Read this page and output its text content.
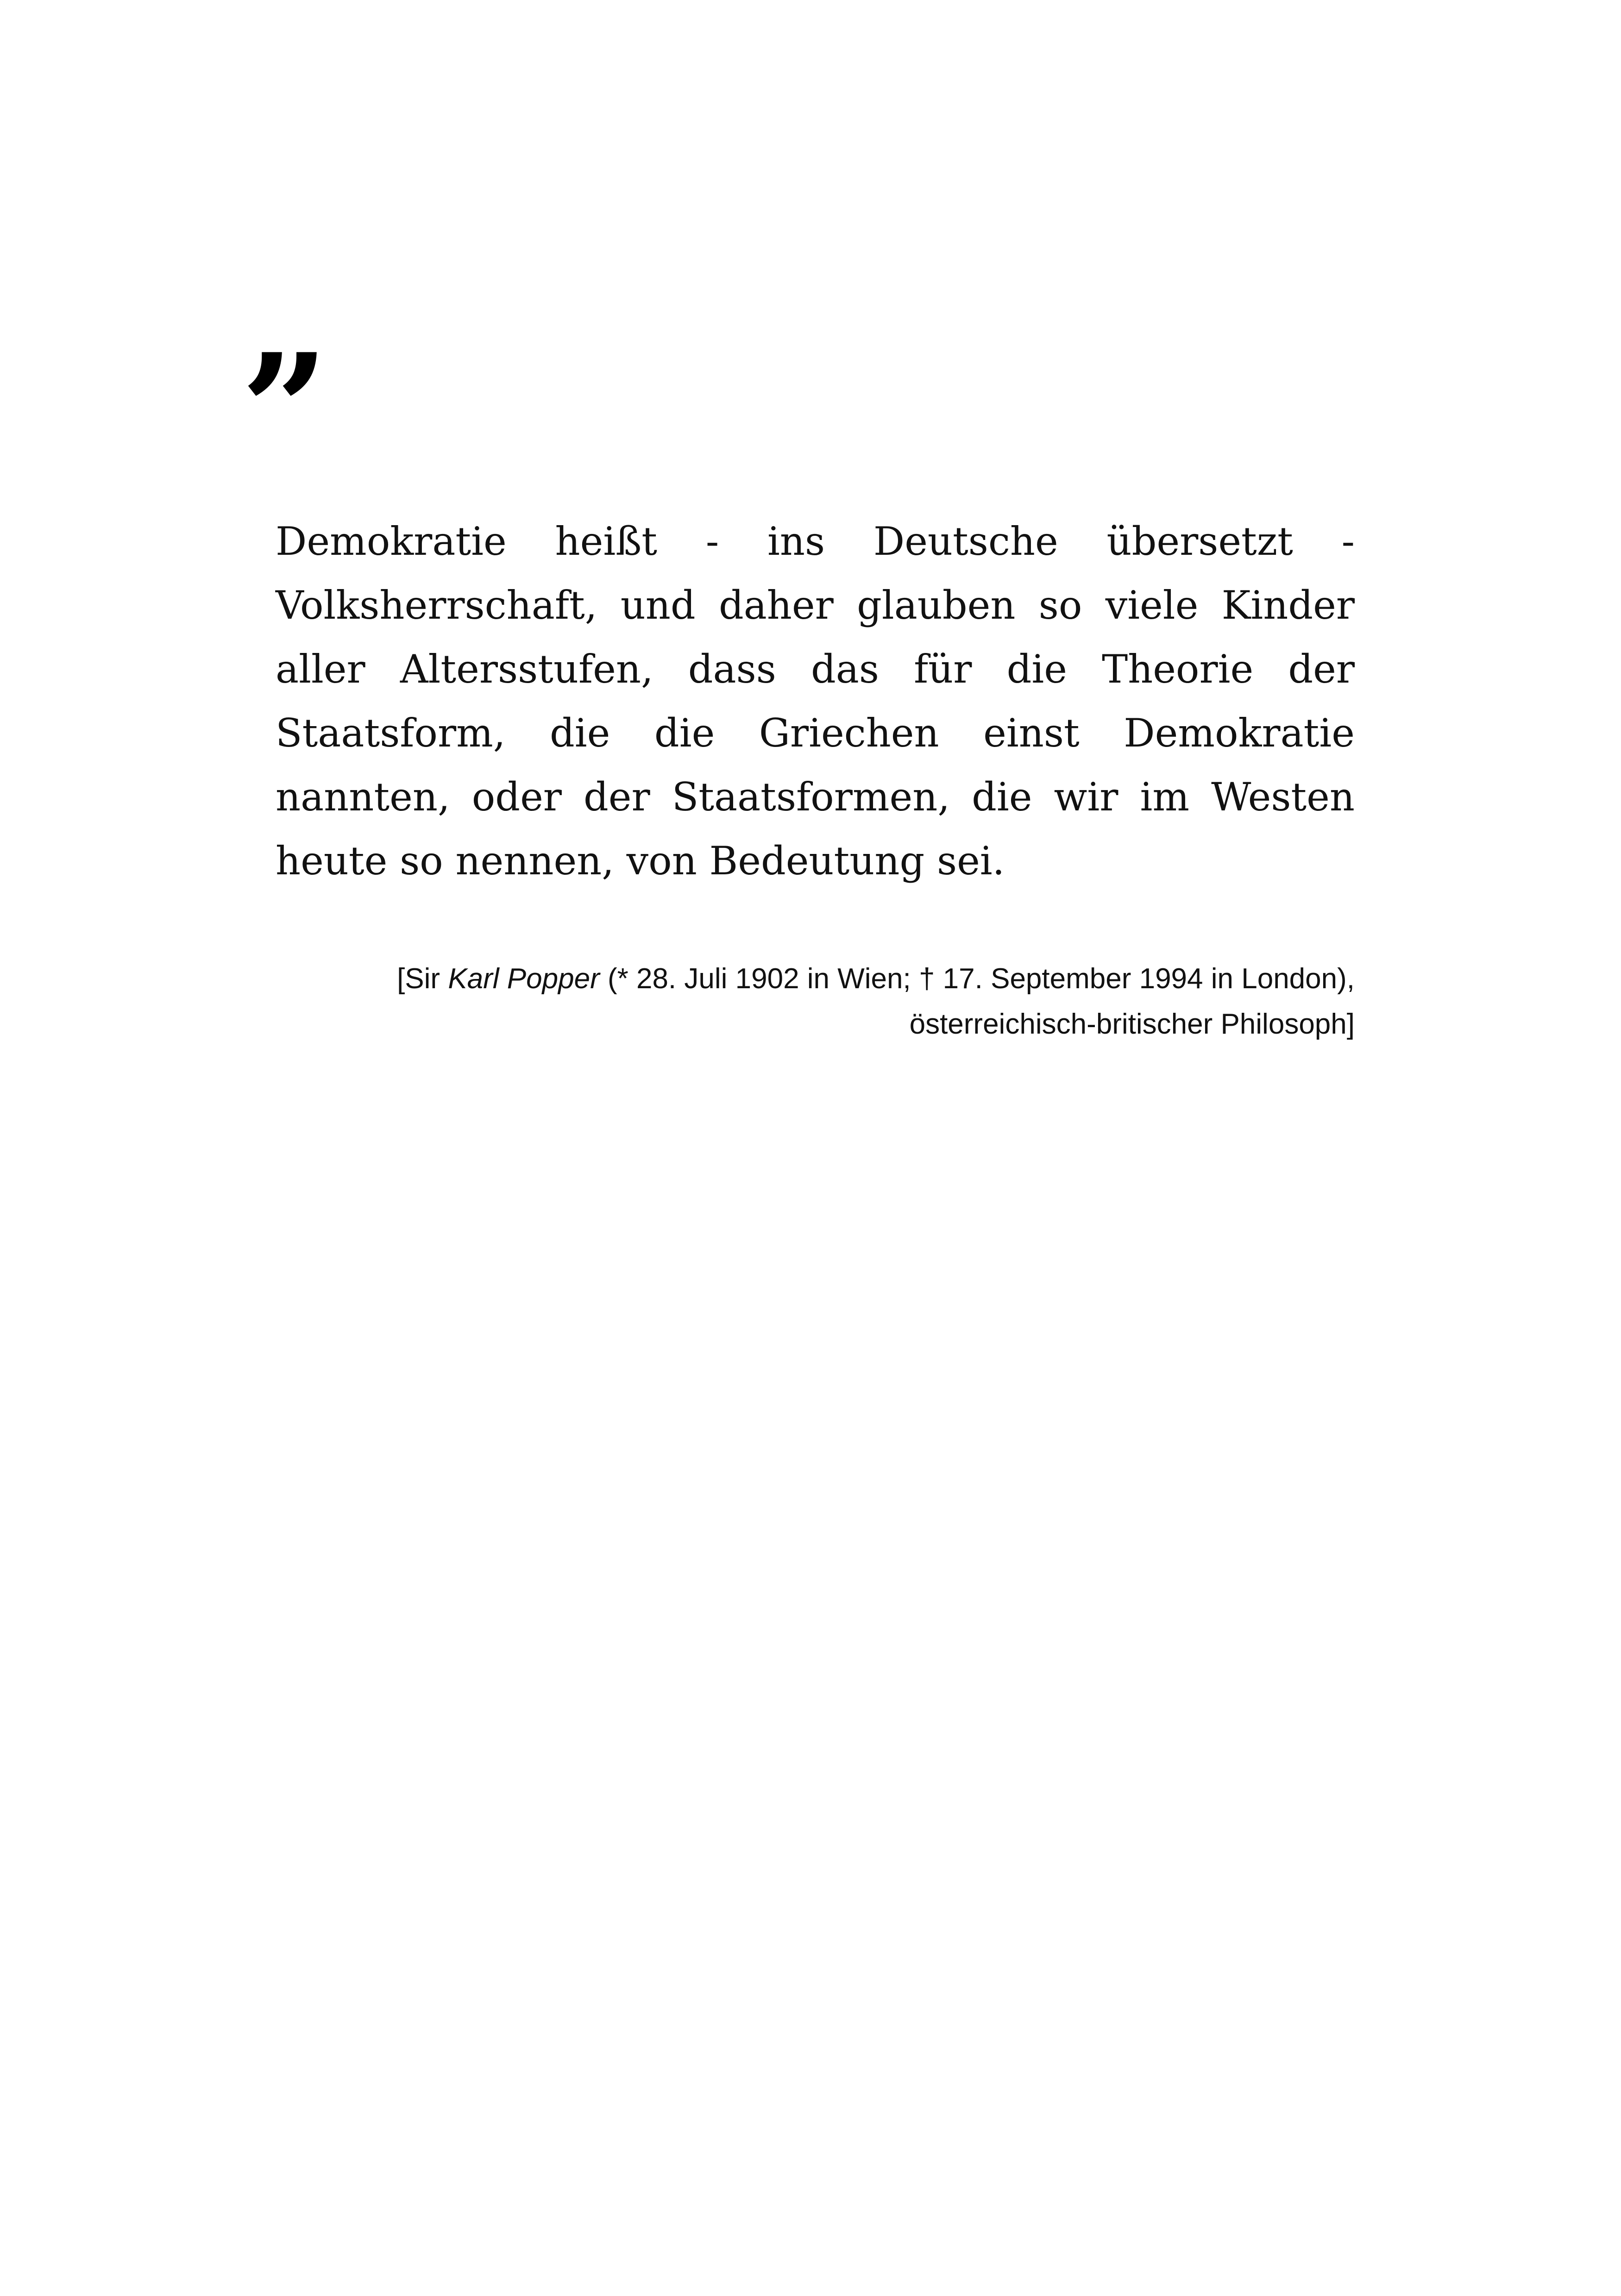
”
Demokratie heißt - ins Deutsche übersetzt - Volksherrschaft, und daher glauben so viele Kinder aller Altersstufen, dass das für die Theorie der Staatsform, die die Griechen einst Demokratie nannten, oder der Staatsformen, die wir im Westen heute so nennen, von Bedeutung sei.
[Sir Karl Popper (* 28. Juli 1902 in Wien; † 17. September 1994 in London),
österreichisch-britischer Philosoph]
